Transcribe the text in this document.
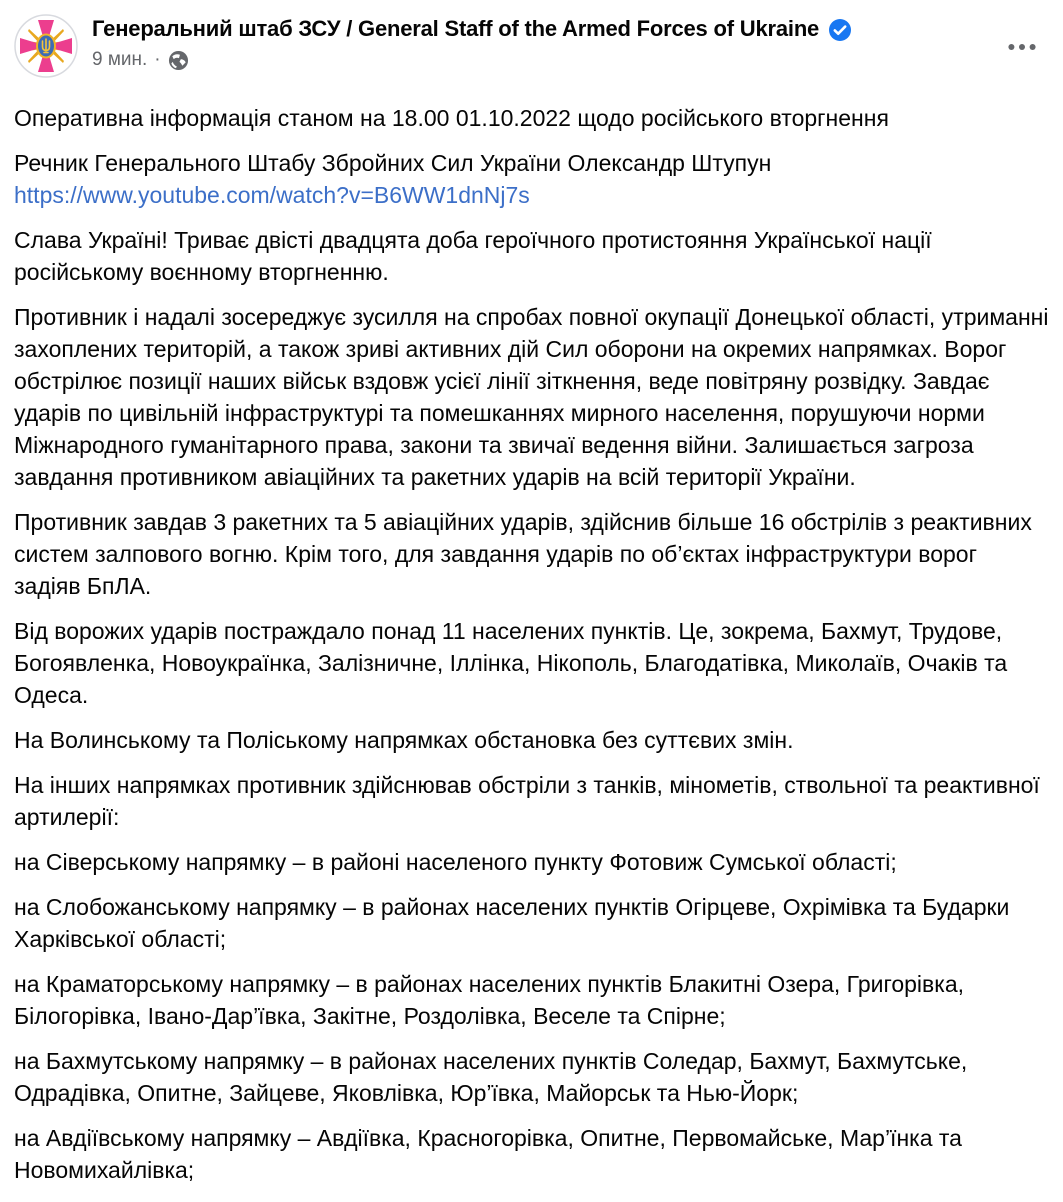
Генеральний штаб ЗСУ / General Staff of the Armed Forces of Ukraine
9 мин. ·

Оперативна інформація станом на 18.00 01.10.2022 щодо російського вторгнення

Речник Генерального Штабу Збройних Сил України Олександр Штупун
https://www.youtube.com/watch?v=B6WW1dnNj7s

Слава Україні! Триває двісті двадцята доба героїчного протистояння Української нації російському воєнному вторгненню.

Противник і надалі зосереджує зусилля на спробах повної окупації Донецької області, утриманні захоплених територій, а також зриві активних дій Сил оборони на окремих напрямках. Ворог обстрілює позиції наших військ вздовж усієї лінії зіткнення, веде повітряну розвідку. Завдає ударів по цивільній інфраструктурі та помешканнях мирного населення, порушуючи норми Міжнародного гуманітарного права, закони та звичаї ведення війни. Залишається загроза завдання противником авіаційних та ракетних ударів на всій території України.

Противник завдав 3 ракетних та 5 авіаційних ударів, здійснив більше 16 обстрілів з реактивних систем залпового вогню. Крім того, для завдання ударів по об’єктах інфраструктури ворог задіяв БпЛА.

Від ворожих ударів постраждало понад 11 населених пунктів. Це, зокрема, Бахмут, Трудове, Богоявленка, Новоукраїнка, Залізничне, Іллінка, Нікополь, Благодатівка, Миколаїв, Очаків та Одеса.

На Волинському та Поліському напрямках обстановка без суттєвих змін.

На інших напрямках противник здійснював обстріли з танків, мінометів, ствольної та реактивної артилерії:

на Сіверському напрямку – в районі населеного пункту Фотовиж Сумської області;

на Слобожанському напрямку – в районах населених пунктів Огірцеве, Охрімівка та Бударки Харківської області;

на Краматорському напрямку – в районах населених пунктів Блакитні Озера, Григорівка, Білогорівка, Івано-Дар’ївка, Закітне, Роздолівка, Веселе та Спірне;

на Бахмутському напрямку – в районах населених пунктів Соледар, Бахмут, Бахмутське, Одрадівка, Опитне, Зайцеве, Яковлівка, Юр’ївка, Майорськ та Нью-Йорк;

на Авдіївському напрямку – Авдіївка, Красногорівка, Опитне, Первомайське, Мар’їнка та Новомихайлівка;
